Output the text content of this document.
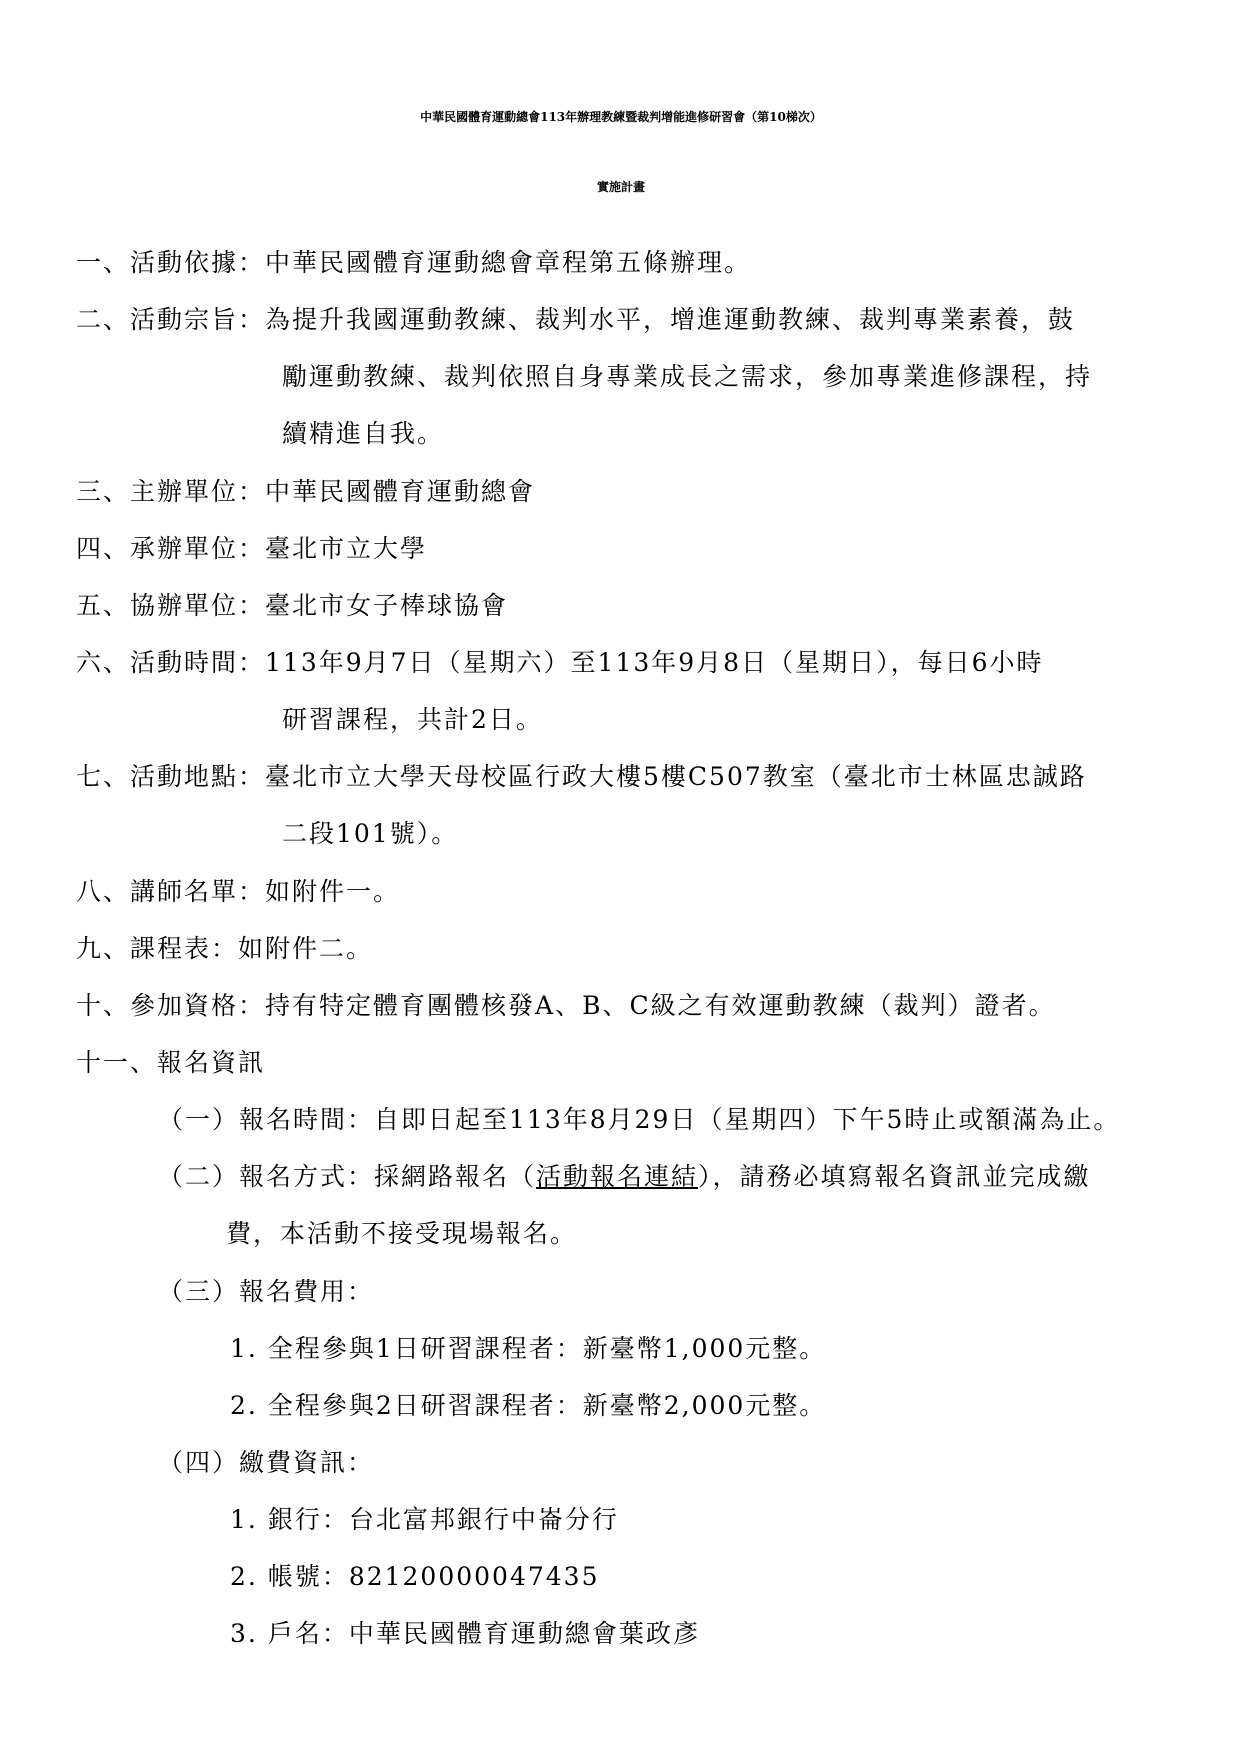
中華民國體育運動總會113年辦理教練暨裁判增能進修研習會（第10梯次）
實施計畫
一、活動依據：中華民國體育運動總會章程第五條辦理。
二、活動宗旨：為提升我國運動教練、裁判水平，增進運動教練、裁判專業素養，鼓
勵運動教練、裁判依照自身專業成長之需求，參加專業進修課程，持
續精進自我。
三、主辦單位：中華民國體育運動總會
四、承辦單位：臺北市立大學
五、協辦單位：臺北市女子棒球協會
六、活動時間：113年9月7日（星期六）至113年9月8日（星期日），每日6小時
研習課程，共計2日。
七、活動地點：臺北市立大學天母校區行政大樓5樓C507教室（臺北市士林區忠誠路
二段101號）。
八、講師名單：如附件一。
九、課程表：如附件二。
十、參加資格：持有特定體育團體核發A、B、C級之有效運動教練（裁判）證者。
十一、報名資訊
（一）報名時間：自即日起至113年8月29日（星期四）下午5時止或額滿為止。
（二）報名方式：採網路報名（活動報名連結），請務必填寫報名資訊並完成繳
費，本活動不接受現場報名。
（三）報名費用：
1. 全程參與1日研習課程者：新臺幣1,000元整。
2. 全程參與2日研習課程者：新臺幣2,000元整。
（四）繳費資訊：
1. 銀行：台北富邦銀行中崙分行
2. 帳號：82120000047435
3. 戶名：中華民國體育運動總會葉政彥
